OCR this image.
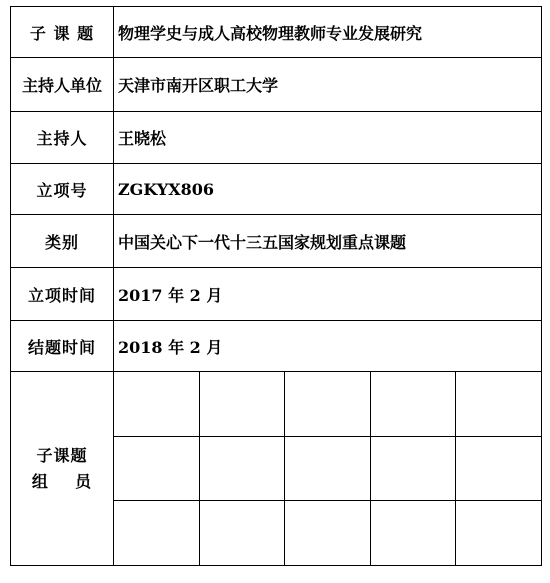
子 课 题	物理学史与成人高校物理教师专业发展研究
主持人单位	天津市南开区职工大学
主持人	王晓松
立项号	ZGKYX806
类别	中国关心下一代十三五国家规划重点课题
立项时间	2017 年 2 月
结题时间	2018 年 2 月

子课题
组    员
